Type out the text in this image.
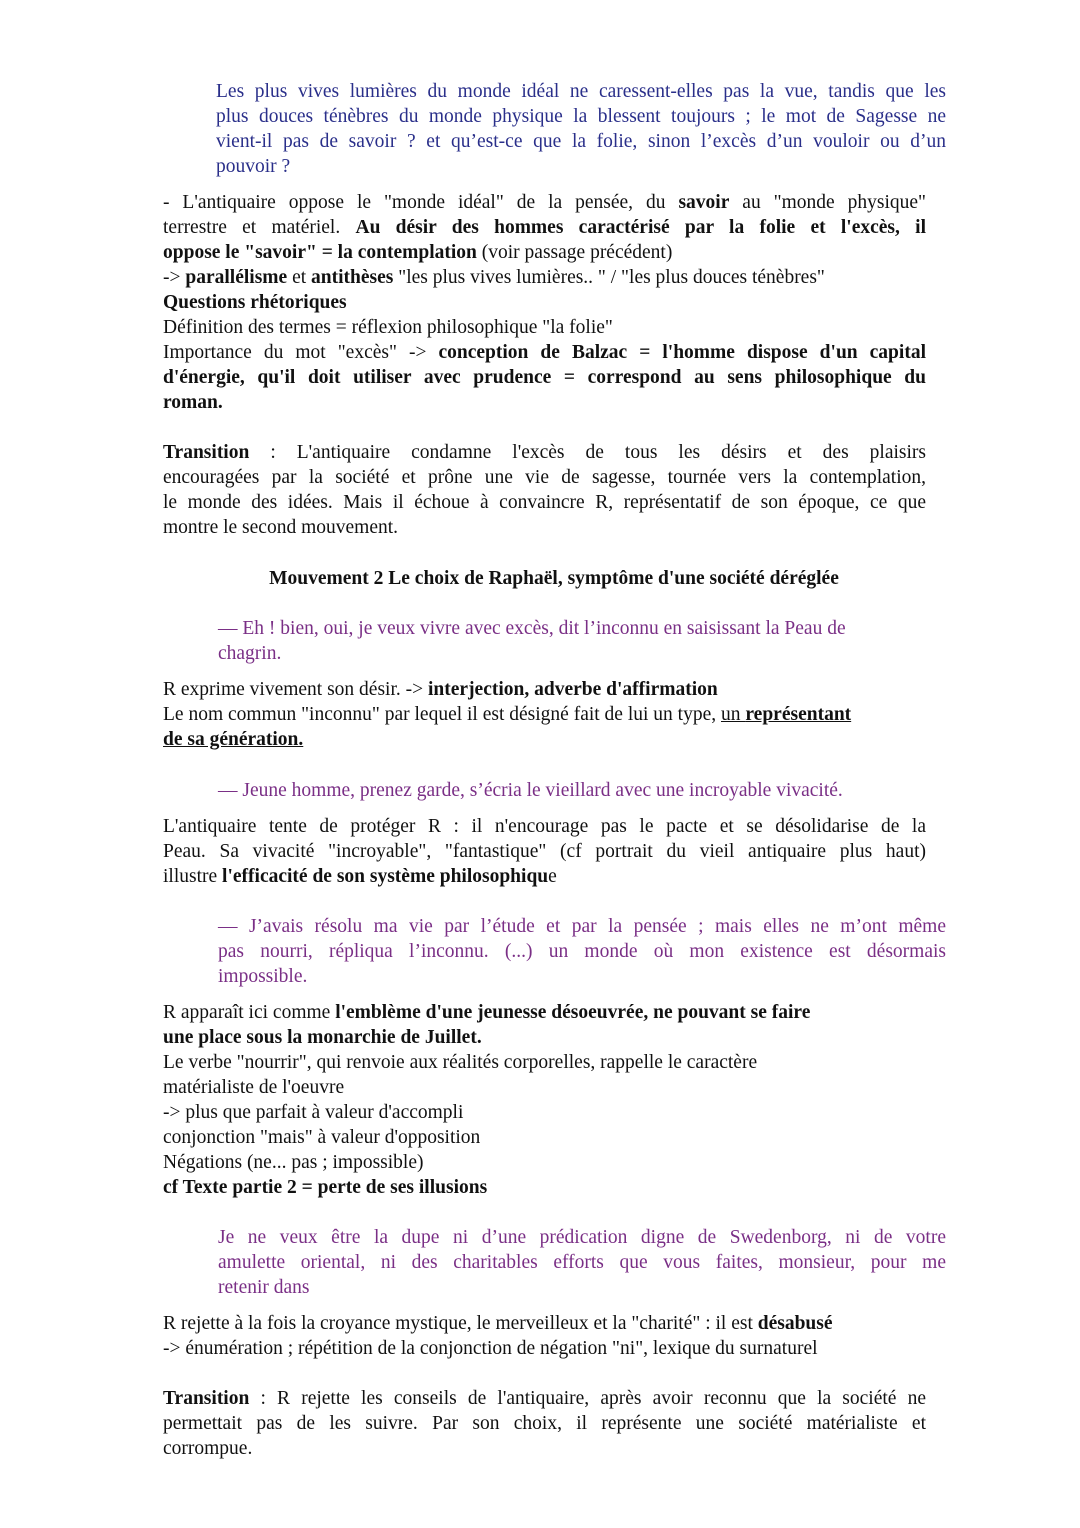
Les plus vives lumières du monde idéal ne caressent-elles pas la vue, tandis que les
plus douces ténèbres du monde physique la blessent toujours ; le mot de Sagesse ne
vient-il pas de savoir ? et qu’est-ce que la folie, sinon l’excès d’un vouloir ou d’un
pouvoir ?
- L'antiquaire oppose le "monde idéal" de la pensée, du savoir au "monde physique"
terrestre et matériel. Au désir des hommes caractérisé par la folie et l'excès, il
oppose le "savoir" = la contemplation (voir passage précédent)
-> parallélisme et antithèses "les plus vives lumières.. " / "les plus douces ténèbres"
Questions rhétoriques
Définition des termes = réflexion philosophique "la folie"
Importance du mot "excès" -> conception de Balzac = l'homme dispose d'un capital
d'énergie, qu'il doit utiliser avec prudence = correspond au sens philosophique du
roman.
Transition : L'antiquaire condamne l'excès de tous les désirs et des plaisirs
encouragées par la société et prône une vie de sagesse, tournée vers la contemplation,
le monde des idées. Mais il échoue à convaincre R, représentatif de son époque, ce que
montre le second mouvement.
Mouvement 2 Le choix de Raphaël, symptôme d'une société déréglée
— Eh ! bien, oui, je veux vivre avec excès, dit l’inconnu en saisissant la Peau de
chagrin.
R exprime vivement son désir. -> interjection, adverbe d'affirmation
Le nom commun "inconnu" par lequel il est désigné fait de lui un type, un représentant
de sa génération.
— Jeune homme, prenez garde, s’écria le vieillard avec une incroyable vivacité.
L'antiquaire tente de protéger R : il n'encourage pas le pacte et se désolidarise de la
Peau. Sa vivacité "incroyable", "fantastique" (cf portrait du vieil antiquaire plus haut)
illustre l'efficacité de son système philosophique
— J’avais résolu ma vie par l’étude et par la pensée ; mais elles ne m’ont même
pas nourri, répliqua l’inconnu. (...) un monde où mon existence est désormais
impossible.
R apparaît ici comme l'emblème d'une jeunesse désoeuvrée, ne pouvant se faire
une place sous la monarchie de Juillet.
Le verbe "nourrir", qui renvoie aux réalités corporelles, rappelle le caractère
matérialiste de l'oeuvre
-> plus que parfait à valeur d'accompli
conjonction "mais" à valeur d'opposition
Négations (ne... pas ; impossible)
cf Texte partie 2 = perte de ses illusions
Je ne veux être la dupe ni d’une prédication digne de Swedenborg, ni de votre
amulette oriental, ni des charitables efforts que vous faites, monsieur, pour me
retenir dans
R rejette à la fois la croyance mystique, le merveilleux et la "charité" : il est désabusé
-> énumération ; répétition de la conjonction de négation "ni", lexique du surnaturel
Transition : R rejette les conseils de l'antiquaire, après avoir reconnu que la société ne
permettait pas de les suivre. Par son choix, il représente une société matérialiste et
corrompue.
